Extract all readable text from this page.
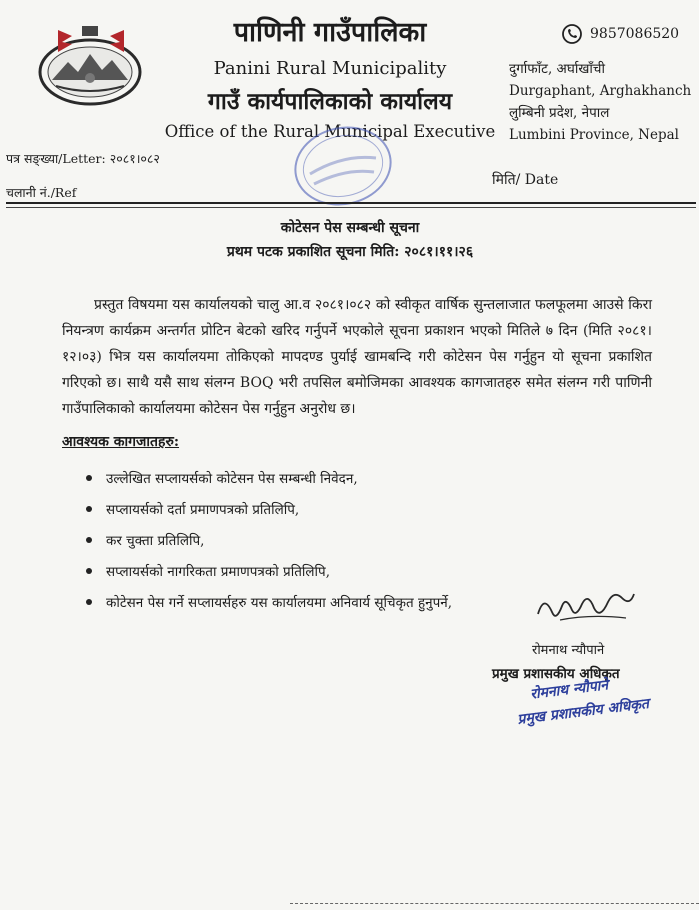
पाणिनी गाउँपालिका
Panini Rural Municipality
गाउँ कार्यपालिकाको कार्यालय
Office of the Rural Municipal Executive
9857086520
दुर्गाफाँट, अर्घाखाँची
Durgaphant, Arghakhanch
लुम्बिनी प्रदेश, नेपाल
Lumbini Province, Nepal
पत्र सङ्ख्या/Letter: २०८१।०८२
चलानी नं./Ref
मिति/ Date
कोटेसन पेस सम्बन्धी सूचना
प्रथम पटक प्रकाशित सूचना मिति: २०८१।११।२६

प्रस्तुत विषयमा यस कार्यालयको चालु आ.व २०८१।०८२ को स्वीकृत वार्षिक सुन्तलाजात फलफूलमा आउसे किरा नियन्त्रण कार्यक्रम अन्तर्गत प्रोटिन बेटको खरिद गर्नुपर्ने भएकोले सूचना प्रकाशन भएको मितिले ७ दिन (मिति २०८१।१२।०३) भित्र यस कार्यालयमा तोकिएको मापदण्ड पुर्याई खामबन्दि गरी कोटेसन पेस गर्नुहुन यो सूचना प्रकाशित गरिएको छ। साथै यसै साथ संलग्न BOQ भरी तपसिल बमोजिमका आवश्यक कागजातहरु समेत संलग्न गरी पाणिनी गाउँपालिकाको कार्यालयमा कोटेसन पेस गर्नुहुन अनुरोध छ।

आवश्यक कागजातहरु:
उल्लेखित सप्लायर्सको कोटेसन पेस सम्बन्धी निवेदन,
सप्लायर्सको दर्ता प्रमाणपत्रको प्रतिलिपि,
कर चुक्ता प्रतिलिपि,
सप्लायर्सको नागरिकता प्रमाणपत्रको प्रतिलिपि,
कोटेसन पेस गर्ने सप्लायर्सहरु यस कार्यालयमा अनिवार्य सूचिकृत हुनुपर्ने,
रोमनाथ न्यौपाने
प्रमुख प्रशासकीय अधिकृत
रोमनाथ न्यौपाने
प्रमुख प्रशासकीय अधिकृत
